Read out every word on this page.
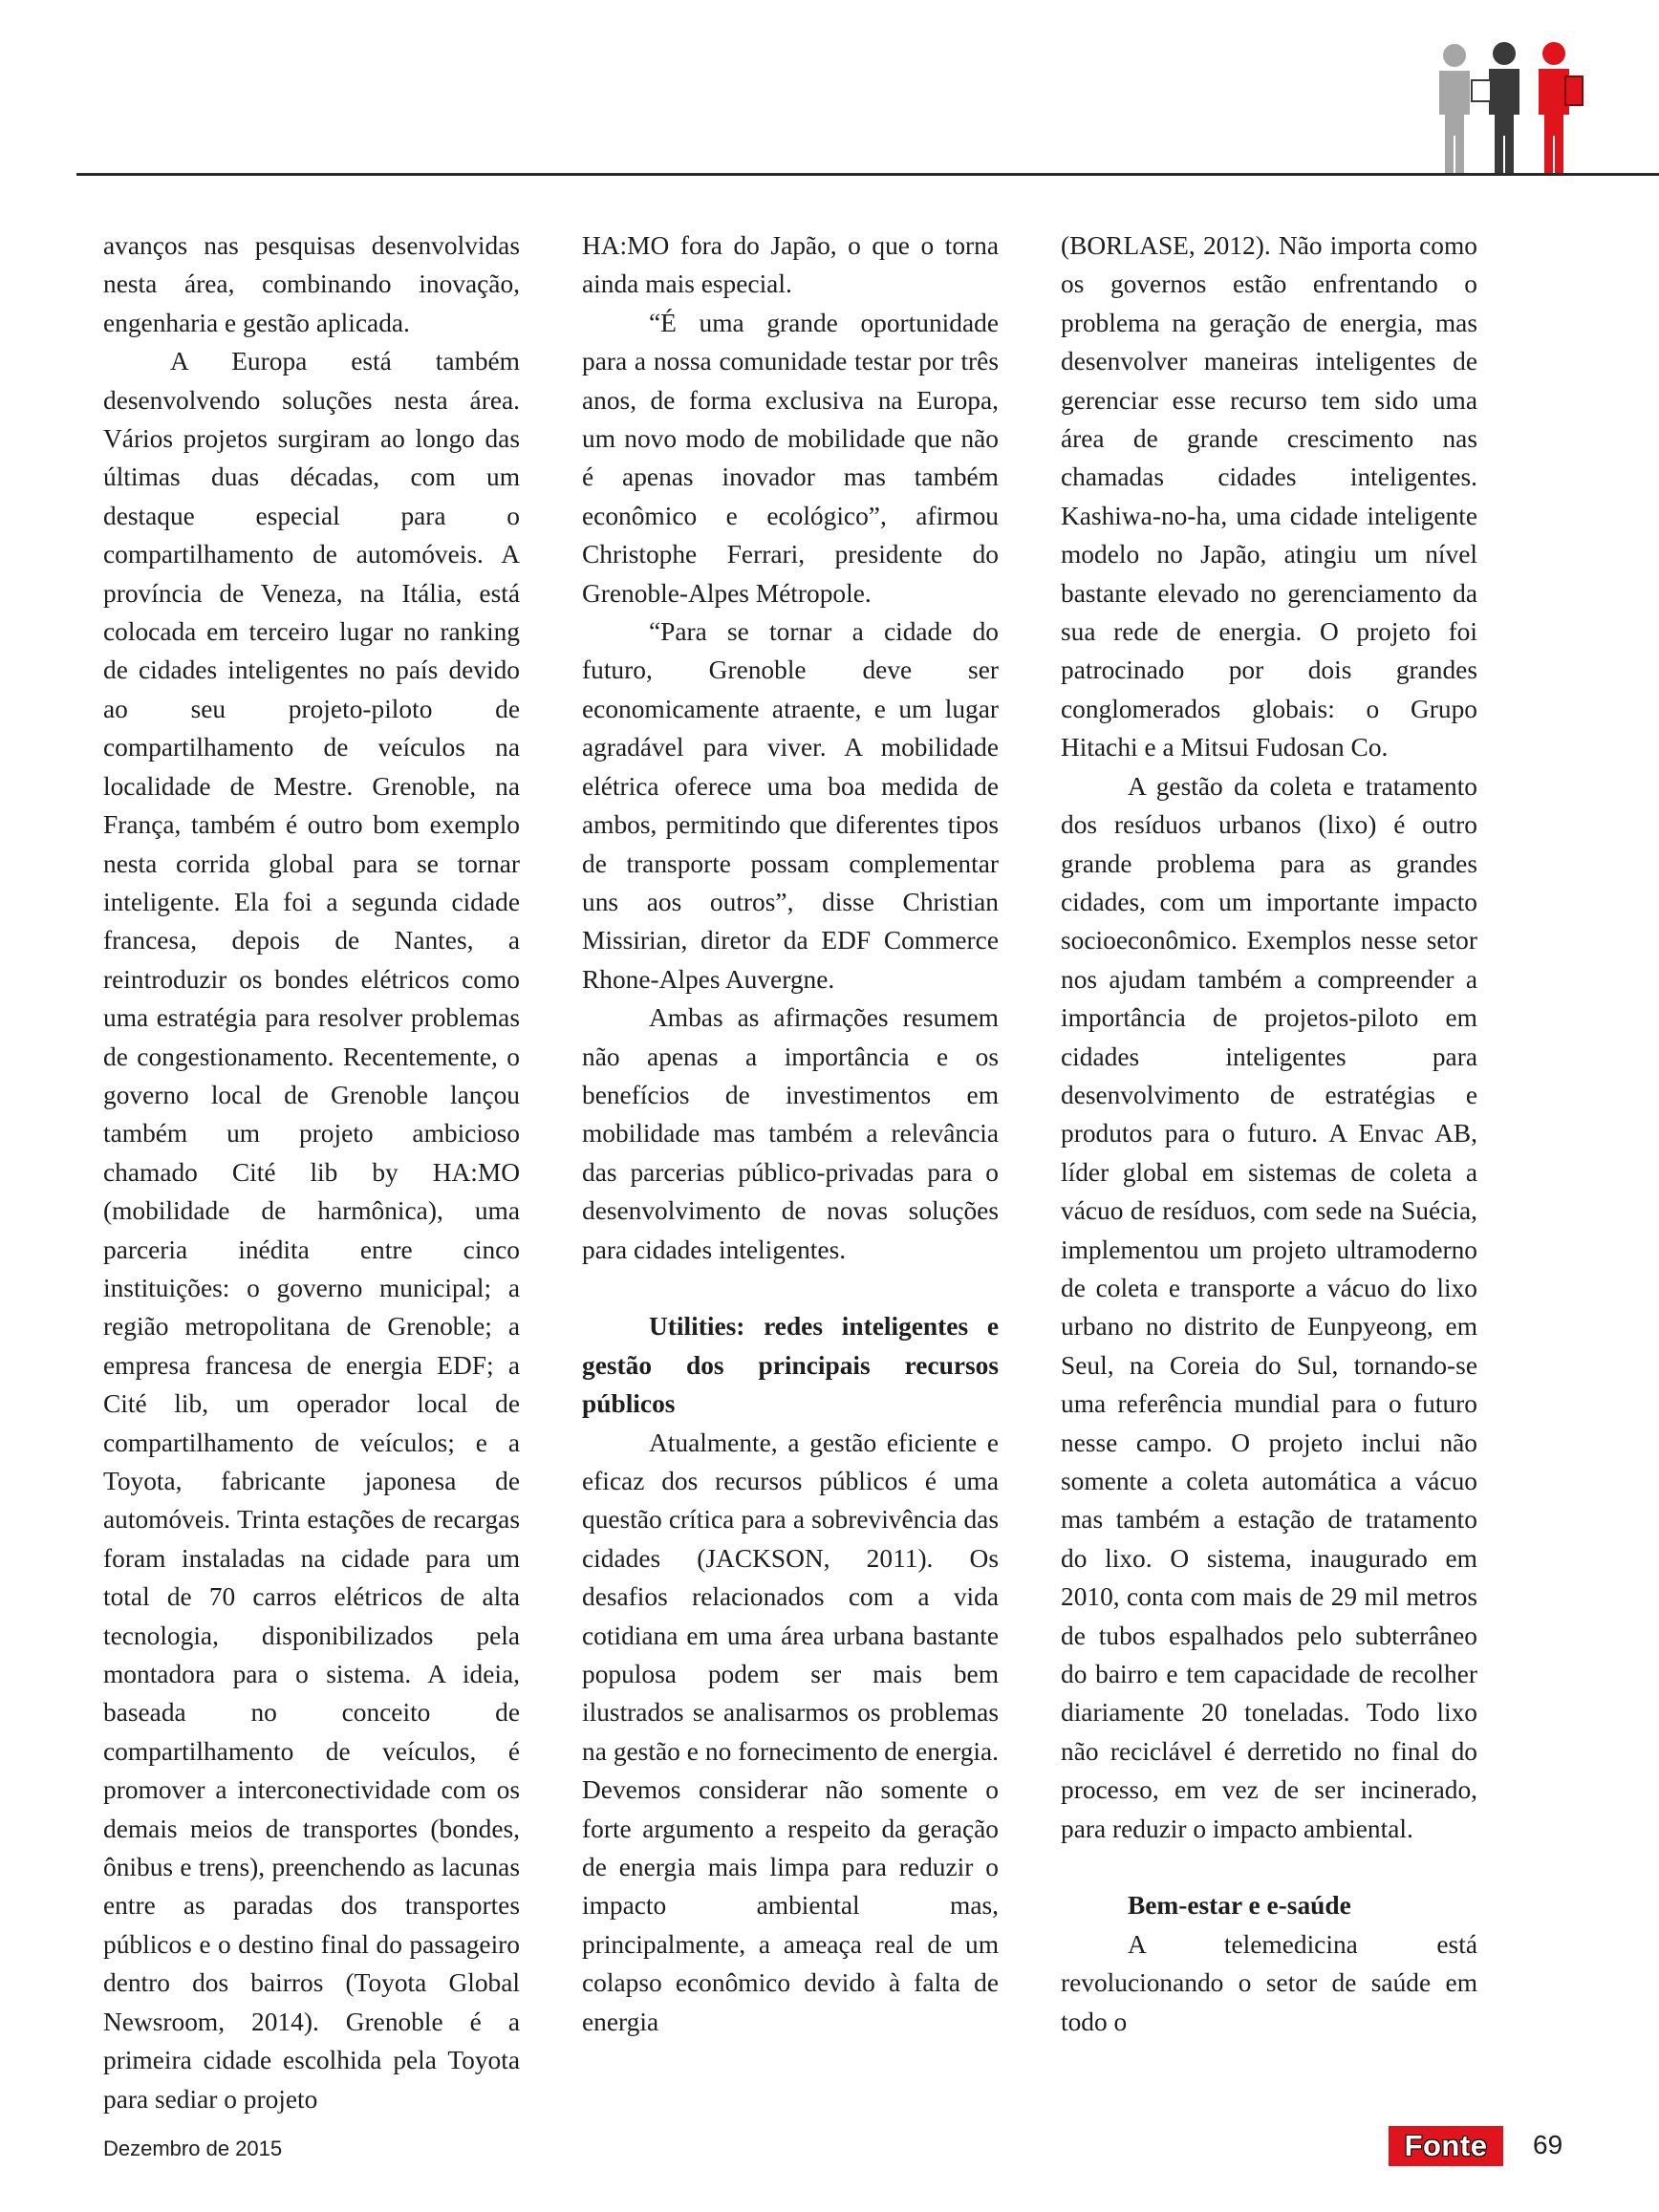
avanços nas pesquisas desenvolvidas nesta área, combinando inovação, engenharia e gestão aplicada.

A Europa está também desenvolvendo soluções nesta área. Vários projetos surgiram ao longo das últimas duas décadas, com um destaque especial para o compartilhamento de automóveis. A província de Veneza, na Itália, está colocada em terceiro lugar no ranking de cidades inteligentes no país devido ao seu projeto-piloto de compartilhamento de veículos na localidade de Mestre. Grenoble, na França, também é outro bom exemplo nesta corrida global para se tornar inteligente. Ela foi a segunda cidade francesa, depois de Nantes, a reintroduzir os bondes elétricos como uma estratégia para resolver problemas de congestionamento. Recentemente, o governo local de Grenoble lançou também um projeto ambicioso chamado Cité lib by HA:MO (mobilidade de harmônica), uma parceria inédita entre cinco instituições: o governo municipal; a região metropolitana de Grenoble; a empresa francesa de energia EDF; a Cité lib, um operador local de compartilhamento de veículos; e a Toyota, fabricante japonesa de automóveis. Trinta estações de recargas foram instaladas na cidade para um total de 70 carros elétricos de alta tecnologia, disponibilizados pela montadora para o sistema. A ideia, baseada no conceito de compartilhamento de veículos, é promover a interconectividade com os demais meios de transportes (bondes, ônibus e trens), preenchendo as lacunas entre as paradas dos transportes públicos e o destino final do passageiro dentro dos bairros (Toyota Global Newsroom, 2014). Grenoble é a primeira cidade escolhida pela Toyota para sediar o projeto

HA:MO fora do Japão, o que o torna ainda mais especial.

“É uma grande oportunidade para a nossa comunidade testar por três anos, de forma exclusiva na Europa, um novo modo de mobilidade que não é apenas inovador mas também econômico e ecológico”, afirmou Christophe Ferrari, presidente do Grenoble-Alpes Métropole.

“Para se tornar a cidade do futuro, Grenoble deve ser economicamente atraente, e um lugar agradável para viver. A mobilidade elétrica oferece uma boa medida de ambos, permitindo que diferentes tipos de transporte possam complementar uns aos outros”, disse Christian Missirian, diretor da EDF Commerce Rhone-Alpes Auvergne.

Ambas as afirmações resumem não apenas a importância e os benefícios de investimentos em mobilidade mas também a relevância das parcerias público-privadas para o desenvolvimento de novas soluções para cidades inteligentes.

Utilities: redes inteligentes e gestão dos principais recursos públicos

Atualmente, a gestão eficiente e eficaz dos recursos públicos é uma questão crítica para a sobrevivência das cidades (JACKSON, 2011). Os desafios relacionados com a vida cotidiana em uma área urbana bastante populosa podem ser mais bem ilustrados se analisarmos os problemas na gestão e no fornecimento de energia. Devemos considerar não somente o forte argumento a respeito da geração de energia mais limpa para reduzir o impacto ambiental mas, principalmente, a ameaça real de um colapso econômico devido à falta de energia

(BORLASE, 2012). Não importa como os governos estão enfrentando o problema na geração de energia, mas desenvolver maneiras inteligentes de gerenciar esse recurso tem sido uma área de grande crescimento nas chamadas cidades inteligentes. Kashiwa-no-ha, uma cidade inteligente modelo no Japão, atingiu um nível bastante elevado no gerenciamento da sua rede de energia. O projeto foi patrocinado por dois grandes conglomerados globais: o Grupo Hitachi e a Mitsui Fudosan Co.

A gestão da coleta e tratamento dos resíduos urbanos (lixo) é outro grande problema para as grandes cidades, com um importante impacto socioeconômico. Exemplos nesse setor nos ajudam também a compreender a importância de projetos-piloto em cidades inteligentes para desenvolvimento de estratégias e produtos para o futuro. A Envac AB, líder global em sistemas de coleta a vácuo de resíduos, com sede na Suécia, implementou um projeto ultramoderno de coleta e transporte a vácuo do lixo urbano no distrito de Eunpyeong, em Seul, na Coreia do Sul, tornando-se uma referência mundial para o futuro nesse campo. O projeto inclui não somente a coleta automática a vácuo mas também a estação de tratamento do lixo. O sistema, inaugurado em 2010, conta com mais de 29 mil metros de tubos espalhados pelo subterrâneo do bairro e tem capacidade de recolher diariamente 20 toneladas. Todo lixo não reciclável é derretido no final do processo, em vez de ser incinerado, para reduzir o impacto ambiental.

Bem-estar e e-saúde

A telemedicina está revolucionando o setor de saúde em todo o

Dezembro de 2015	Fonte	69
